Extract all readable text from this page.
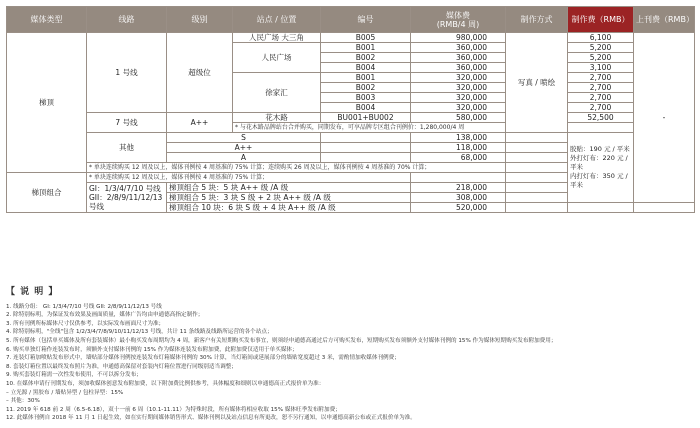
媒体类型	线路	级别	站点 / 位置	编号	媒体费
(RMB/4 周)	制作方式	制作费（RMB）	上刊费（RMB）	
梯顶	1 号线	超级位	人民广场 大三角	B005	980,000	写真 / 喷绘	6,100	-	
			人民广场	B001	360,000		5,200		
				B002	360,000		5,200		
				B004	360,000		3,100		
			徐家汇	B001	320,000		2,700		
				B002	320,000		2,700		
				B003	320,000		2,700		
				B004	320,000		2,700		
	7 号线	A++	花木路	BU001+BU002	580,000		52,500		
			* 与花木路品牌站台合并购买，同期发布，可享品牌专区组合刊例价：1,280,000/4 周						
	其他	S			138,000		胶贴：190 元 / 平米
外打灯布：220 元 / 平米
内打灯布：350 元 / 平米		

		A++			118,000				
		A			68,000				
	* 单块连续购买 12 周及以上，媒体刊例按 4 周基准的 75% 计算；连续购买 26 周及以上，媒体刊例按 4 周基准的 70% 计算；								
梯顶组合	* 单块连续购买 12 周及以上，媒体刊例按 4 周基准的 75% 计算；								

	GI：1/3/4/7/10 号线
GII：2/8/9/11/12/13 号线	梯顶组合 5 块：5 块 A++ 级 /A 级			218,000				
		梯顶组合 5 块：3 块 S 级 + 2 块 A++ 级 /A 级			308,000				
		梯顶组合 10 块：6 块 S 级 + 4 块 A++ 级 /A 级			520,000				
【 说 明 】
1. 线路分组： GI: 1/3/4/7/10 号线 GII: 2/8/9/11/12/13 号线
2. 除特别标明，为保证发布效果及画面质量，媒体广告均由申通德高指定制作；
3. 所有刊例所标媒体尺寸仅供参考，以实际发布画面尺寸为准；
4. 除特别标明，"全线"包含 1/2/3/4/7/8/9/10/11/12/13 号线，共计 11 条线路及线路所运营的各个站点；
5. 所有媒体（包括单买媒体及所有套装媒体）最小购买发布周期均为 4 周，新客户有关短期购买发布事宜，则须经申通德高通过后方可购买发布，短期购买发布须额外支付媒体刊例的 15% 作为媒体短期购买发布附加费用；
6. 购买单独灯箱作连装发布时，须额外支付媒体刊例的 15% 作为媒体连装发布附加费，此附加费仅适用于单买媒体；
7. 连装灯箱加喷贴发布形式中，墙贴部分媒体刊例按连装发布灯箱媒体刊例的 30% 计算，当灯箱间或延展部分的墙贴宽度超过 3 米，需酌情加收媒体刊例费；
8. 套装灯箱位置以最终发布照片为准，申通德高保留对套装内灯箱位置进行同级别适当调整；
9. 购买套装灯箱需一次性发布使用，不可以拆分发布；
10. 在媒体申请行刊期发布，须加收媒体创意发布附加费，以下附加费比例供参考，具体幅度和细则以申通德高正式报价单为准：
– 立光源 / 黑胶布 / 墙贴异型 / 包柱异型：15%
– 其他：30%
11. 2019 年 618 前 2 周（6.5-6.18），双十一前 6 周（10.1-11.11）为特殊时段，所有媒体将相应收取 15% 媒体旺季发布附加费；
12. 此媒体刊例自 2018 年 11 月 1 日起生效，如在实行期间媒体销售形式、媒体刊例以及站点信息有所更改，恕不另行通知，以申通德高新公布或正式报价单为准。
